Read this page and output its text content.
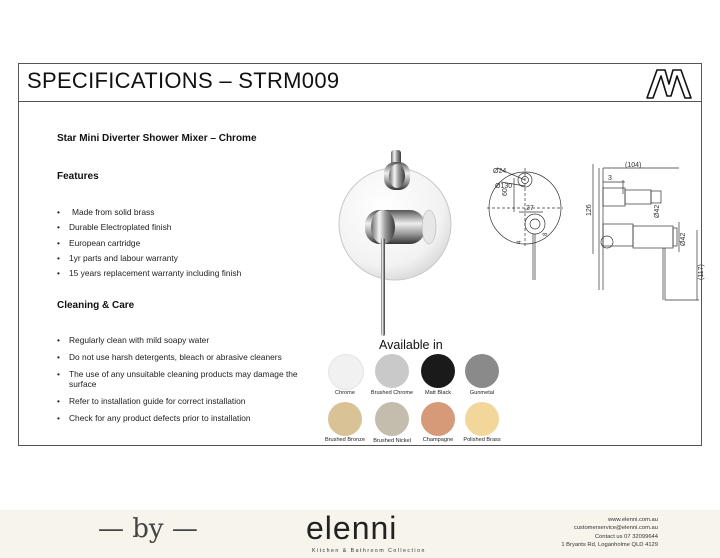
SPECIFICATIONS – STRM009
Star Mini Diverter Shower Mixer – Chrome
Features
• Made from solid brass
• Durable Electroplated finish
• European cartridge
• 1yr parts and labour warranty
• 15 years replacement warranty including finish
Cleaning & Care
• Regularly clean with mild soapy water
• Do not use harsh detergents, bleach or abrasive cleaners
• The use of any unsuitable cleaning products may damage the surface
• Refer to installation guide for correct installation
• Check for any product defects prior to installation
Ø24
Ø130
60
27
4
8
(104)
3
126	Ø42
Ø42
(117)
Available in
Chrome	Brushed Chrome	Matt Black	Gunmetal
Brushed Bronze	Brushed Nickel	Champagne	Polished Brass
— by —	elenni
Kitchen & Bathroom Collection
www.elenni.com.au
customerservice@elenni.com.au
Contact us 07 32099644
1 Bryants Rd, Loganholme QLD 4129
